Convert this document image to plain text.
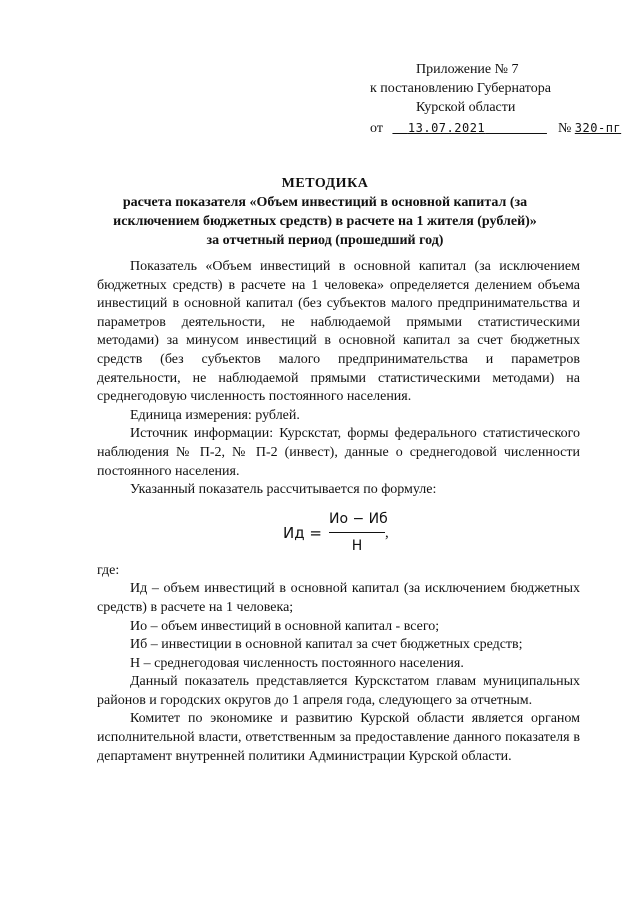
Приложение № 7
к постановлению Губернатора
Курской области
от 13.07.2021	№ 320-пг
МЕТОДИКА
расчета показателя «Объем инвестиций в основной капитал (за исключением бюджетных средств) в расчете на 1 жителя (рублей)» за отчетный период (прошедший год)

Показатель «Объем инвестиций в основной капитал (за исключением бюджетных средств) в расчете на 1 человека» определяется делением объема инвестиций в основной капитал (без субъектов малого предпринимательства и параметров деятельности, не наблюдаемой прямыми статистическими методами) за минусом инвестиций в основной капитал за счет бюджетных средств (без субъектов малого предпринимательства и параметров деятельности, не наблюдаемой прямыми статистическими методами) на среднегодовую численность постоянного населения.

Единица измерения: рублей.

Источник информации: Курскстат, формы федерального статистического наблюдения № П-2, № П-2 (инвест), данные о среднегодовой численности постоянного населения.

Указанный показатель рассчитывается по формуле:

Ид =
Ио − Иб
Н
,

где:

Ид – объем инвестиций в основной капитал (за исключением бюджетных средств) в расчете на 1 человека;

Ио – объем инвестиций в основной капитал - всего;

Иб – инвестиции в основной капитал за счет бюджетных средств;

Н – среднегодовая численность постоянного населения.

Данный показатель представляется Курскстатом главам муниципальных районов и городских округов до 1 апреля года, следующего за отчетным.

Комитет по экономике и развитию Курской области является органом исполнительной власти, ответственным за предоставление данного показателя в департамент внутренней политики Администрации Курской области.
